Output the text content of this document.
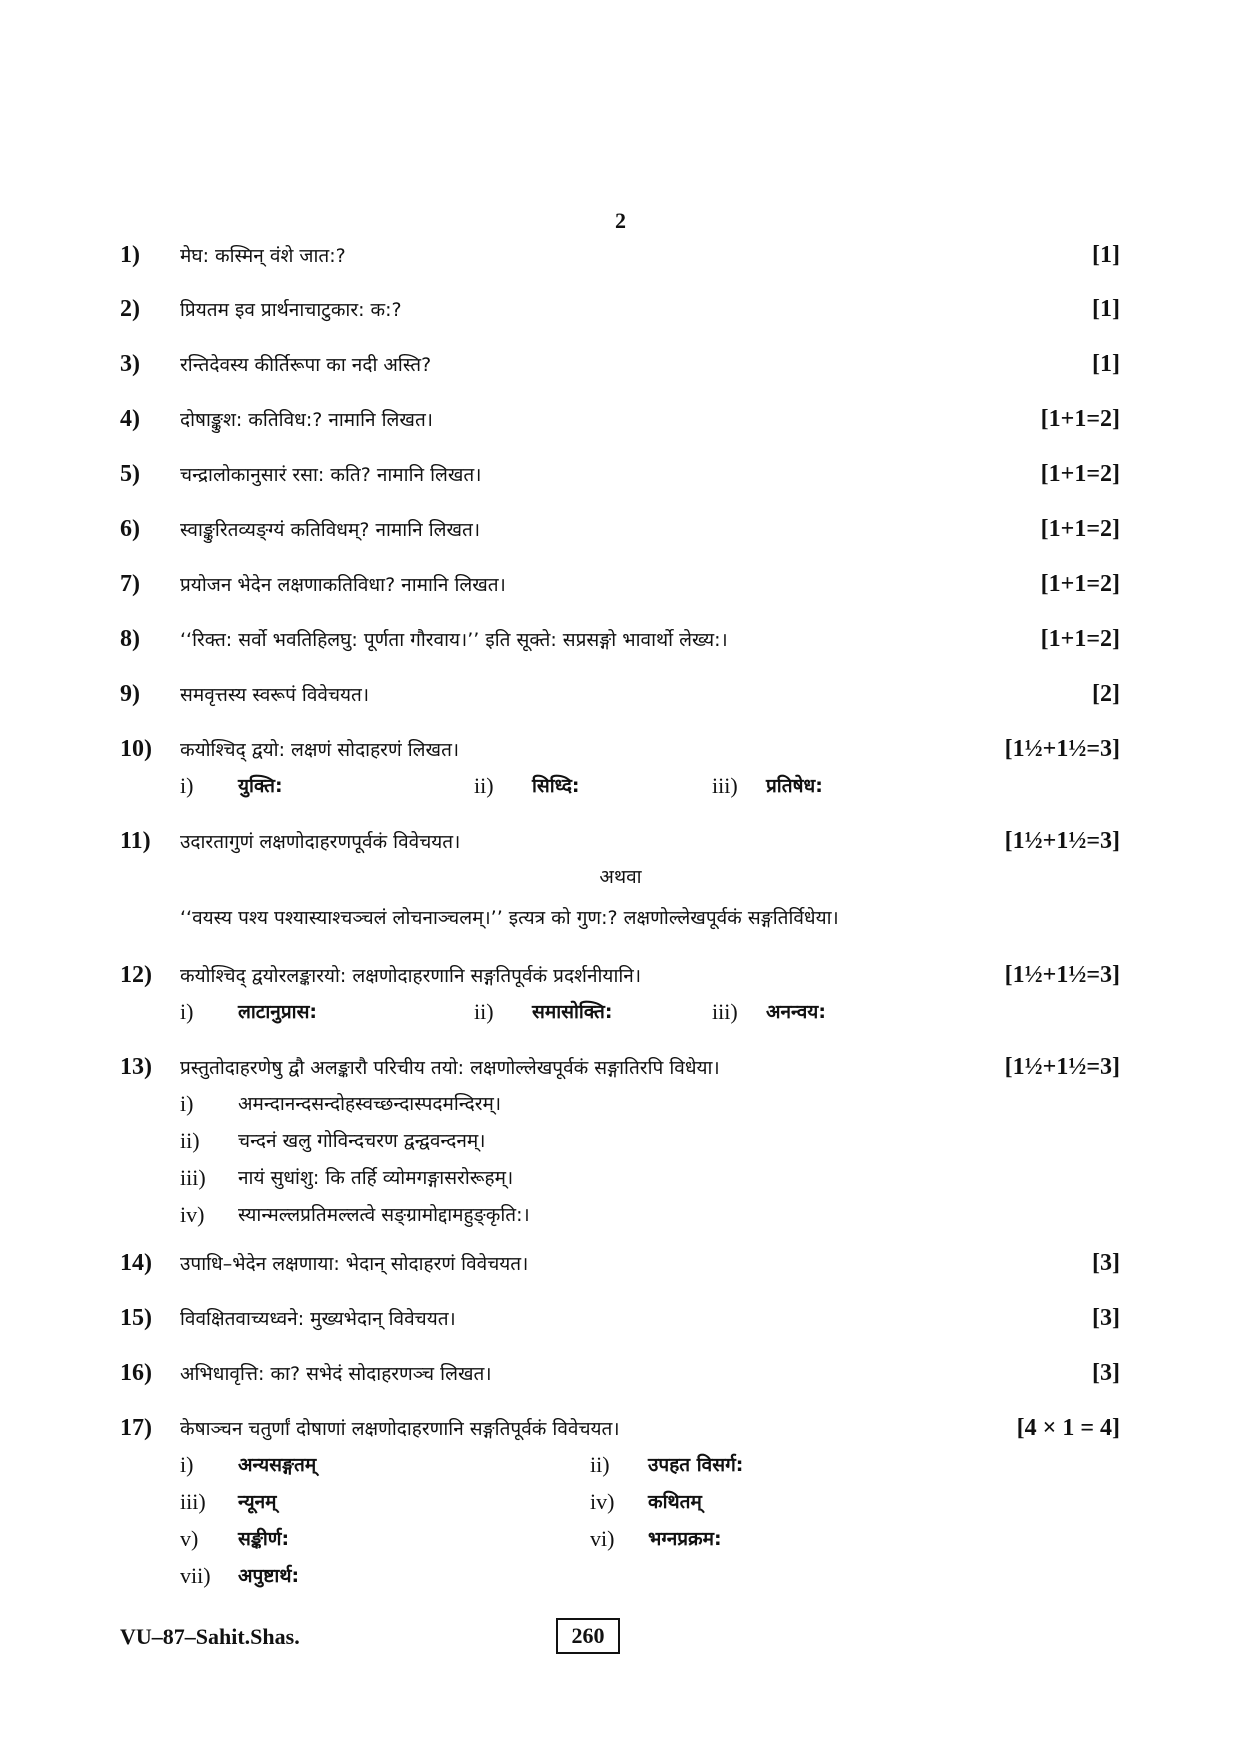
2
1) मेघ: कस्मिन् वंशे जात:?	[1]
2) प्रियतम इव प्रार्थनाचाटुकार: क:?	[1]
3) रन्तिदेवस्य कीर्तिरूपा का नदी अस्ति?	[1]
4) दोषाङ्कुश: कतिविध:? नामानि लिखत।	[1+1=2]
5) चन्द्रालोकानुसारं रसा: कति? नामानि लिखत।	[1+1=2]
6) स्वाङ्कुरितव्यङ्ग्यं कतिविधम्? नामानि लिखत।	[1+1=2]
7) प्रयोजन भेदेन लक्षणाकतिविधा? नामानि लिखत।	[1+1=2]
8) ‘‘रिक्त: सर्वो भवतिहिलघु: पूर्णता गौरवाय।’’ इति सूक्ते: सप्रसङ्गो भावार्थो लेख्य:।	[1+1=2]
9) समवृत्तस्य स्वरूपं विवेचयत।	[2]
10) कयोश्चिद् द्वयो: लक्षणं सोदाहरणं लिखत।	[1½+1½=3]
i) युक्ति:	ii) सिध्दि:	iii) प्रतिषेध:
11) उदारतागुणं लक्षणोदाहरणपूर्वकं विवेचयत।	[1½+1½=3]
अथवा
‘‘वयस्य पश्य पश्यास्याश्चञ्चलं लोचनाञ्चलम्।’’ इत्यत्र को गुण:? लक्षणोल्लेखपूर्वकं सङ्गतिर्विधेया।
12) कयोश्चिद् द्वयोरलङ्कारयो: लक्षणोदाहरणानि सङ्गतिपूर्वकं प्रदर्शनीयानि।	[1½+1½=3]
i) लाटानुप्रास:	ii) समासोक्ति:	iii) अनन्वय:
13) प्रस्तुतोदाहरणेषु द्वौ अलङ्कारौ परिचीय तयो: लक्षणोल्लेखपूर्वकं सङ्गातिरपि विधेया।	[1½+1½=3]
i) अमन्दानन्दसन्दोहस्वच्छन्दास्पदमन्दिरम्।
ii) चन्दनं खलु गोविन्दचरण द्वन्द्ववन्दनम्।
iii) नायं सुधांशु: कि तर्हि व्योमगङ्गासरोरूहम्।
iv) स्यान्मल्लप्रतिमल्लत्वे सङ्ग्रामोद्दामहुङ्कृति:।
14) उपाधि–भेदेन लक्षणाया: भेदान् सोदाहरणं विवेचयत।	[3]
15) विवक्षितवाच्यध्वने: मुख्यभेदान् विवेचयत।	[3]
16) अभिधावृत्ति: का? सभेदं सोदाहरणञ्च लिखत।	[3]
17) केषाञ्चन चतुर्णां दोषाणां लक्षणोदाहरणानि सङ्गतिपूर्वकं विवेचयत।	[4 × 1 = 4]
i) अन्यसङ्गतम्	ii) उपहत विसर्ग:
iii) न्यूनम्	iv) कथितम्
v) सङ्कीर्ण:	vi) भग्नप्रक्रम:
vii) अपुष्टार्थ:
VU–87–Sahit.Shas.	260
